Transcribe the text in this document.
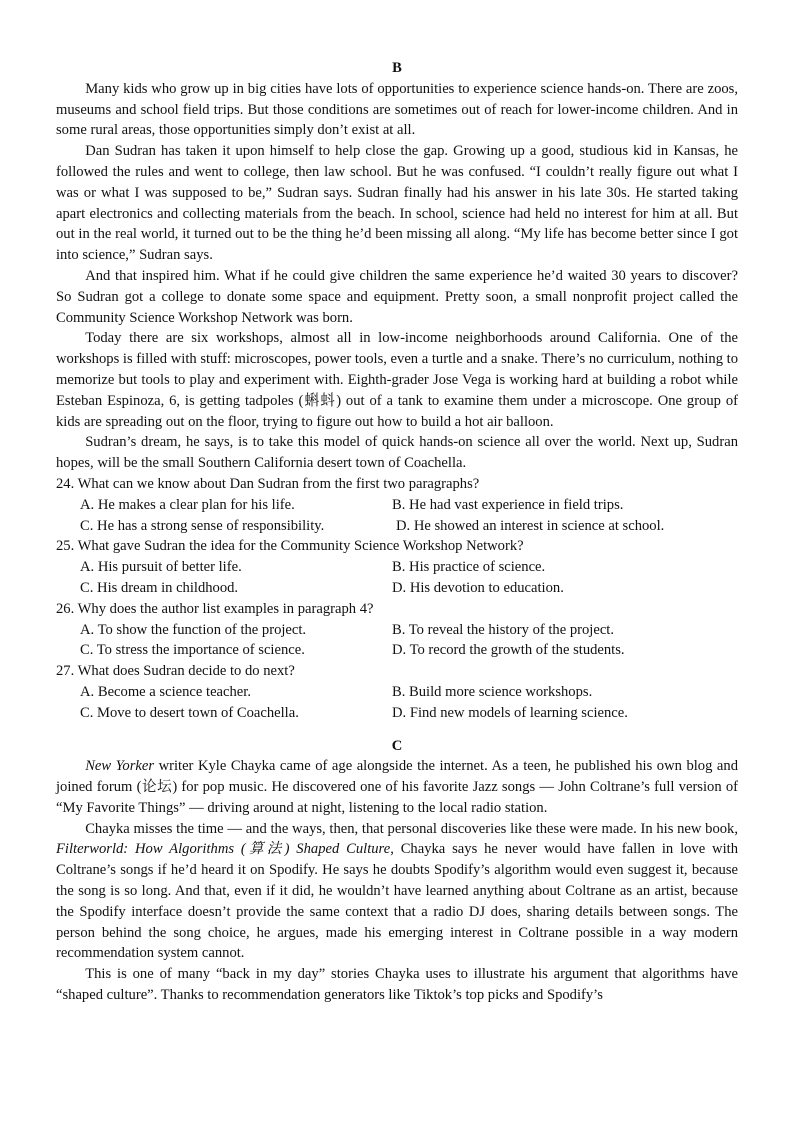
B

Many kids who grow up in big cities have lots of opportunities to experience science hands-on. There are zoos, museums and school field trips. But those conditions are sometimes out of reach for lower-income children. And in some rural areas, those opportunities simply don’t exist at all.

Dan Sudran has taken it upon himself to help close the gap. Growing up a good, studious kid in Kansas, he followed the rules and went to college, then law school. But he was confused. “I couldn’t really figure out what I was or what I was supposed to be,” Sudran says. Sudran finally had his answer in his late 30s. He started taking apart electronics and collecting materials from the beach. In school, science had held no interest for him at all. But out in the real world, it turned out to be the thing he’d been missing all along. “My life has become better since I got into science,” Sudran says.

And that inspired him. What if he could give children the same experience he’d waited 30 years to discover? So Sudran got a college to donate some space and equipment. Pretty soon, a small nonprofit project called the Community Science Workshop Network was born.

Today there are six workshops, almost all in low-income neighborhoods around California. One of the workshops is filled with stuff: microscopes, power tools, even a turtle and a snake. There’s no curriculum, nothing to memorize but tools to play and experiment with. Eighth-grader Jose Vega is working hard at building a robot while Esteban Espinoza, 6, is getting tadpoles (蝌蚪) out of a tank to examine them under a microscope. One group of kids are spreading out on the floor, trying to figure out how to build a hot air balloon.

Sudran’s dream, he says, is to take this model of quick hands-on science all over the world. Next up, Sudran hopes, will be the small Southern California desert town of Coachella.

24. What can we know about Dan Sudran from the first two paragraphs?

A. He makes a clear plan for his life.	B. He had vast experience in field trips.

C. He has a strong sense of responsibility.	D. He showed an interest in science at school.

25. What gave Sudran the idea for the Community Science Workshop Network?

A. His pursuit of better life.	B. His practice of science.

C. His dream in childhood.	D. His devotion to education.

26. Why does the author list examples in paragraph 4?

A. To show the function of the project.	B. To reveal the history of the project.

C. To stress the importance of science.	D. To record the growth of the students.

27. What does Sudran decide to do next?

A. Become a science teacher.	B. Build more science workshops.

C. Move to desert town of Coachella.	D. Find new models of learning science.

C

New Yorker writer Kyle Chayka came of age alongside the internet. As a teen, he published his own blog and joined forum (论坛) for pop music. He discovered one of his favorite Jazz songs — John Coltrane’s full version of “My Favorite Things” — driving around at night, listening to the local radio station.

Chayka misses the time — and the ways, then, that personal discoveries like these were made. In his new book, Filterworld: How Algorithms (算法) Shaped Culture, Chayka says he never would have fallen in love with Coltrane’s songs if he’d heard it on Spodify. He says he doubts Spodify’s algorithm would even suggest it, because the song is so long. And that, even if it did, he wouldn’t have learned anything about Coltrane as an artist, because the Spodify interface doesn’t provide the same context that a radio DJ does, sharing details between songs. The person behind the song choice, he argues, made his emerging interest in Coltrane possible in a way modern recommendation system cannot.

This is one of many “back in my day” stories Chayka uses to illustrate his argument that algorithms have “shaped culture”. Thanks to recommendation generators like Tiktok’s top picks and Spodify’s
